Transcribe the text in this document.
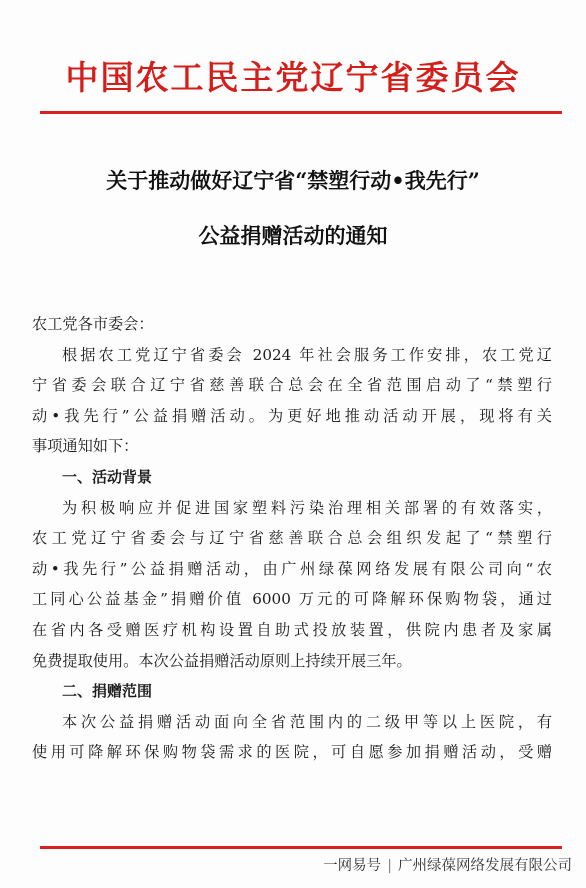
中国农工民主党辽宁省委员会
关于推动做好辽宁省“禁塑行动•我先行”
公益捐赠活动的通知
农工党各市委会：
根据农工党辽宁省委会 2024 年社会服务工作安排，农工党辽
宁省委会联合辽宁省慈善联合总会在全省范围启动了“禁塑行
动•我先行”公益捐赠活动。为更好地推动活动开展，现将有关
事项通知如下：
一、活动背景
为积极响应并促进国家塑料污染治理相关部署的有效落实，
农工党辽宁省委会与辽宁省慈善联合总会组织发起了“禁塑行
动•我先行”公益捐赠活动，由广州绿葆网络发展有限公司向“农
工同心公益基金”捐赠价值 6000 万元的可降解环保购物袋，通过
在省内各受赠医疗机构设置自助式投放装置，供院内患者及家属
免费提取使用。本次公益捐赠活动原则上持续开展三年。
二、捐赠范围
本次公益捐赠活动面向全省范围内的二级甲等以上医院，有
使用可降解环保购物袋需求的医院，可自愿参加捐赠活动，受赠
一网易号 | 广州绿葆网络发展有限公司
